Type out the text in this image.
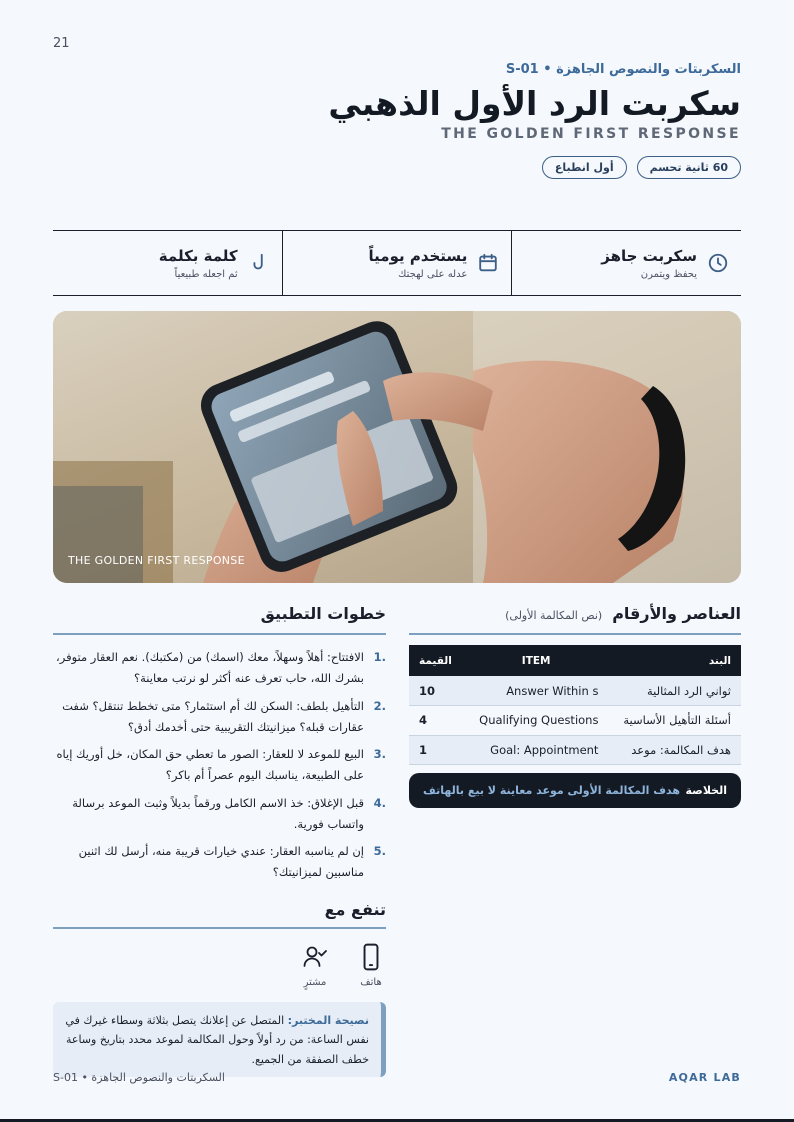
21
السكربتات والنصوص الجاهزة • S-01
سكربت الرد الأول الذهبي
THE GOLDEN FIRST RESPONSE
60 ثانية تحسم
أول انطباع
سكربت جاهز
يحفظ ويتمرن
يستخدم يومياً
عدله على لهجتك
كلمة بكلمة
ثم اجعله طبيعياً
THE GOLDEN FIRST RESPONSE
العناصر والأرقام
(نص المكالمة الأولى)
البند	ITEM	القيمة
ثواني الرد المثالية	Answer Within s	10
أسئلة التأهيل الأساسية	Qualifying Questions	4
هدف المكالمة: موعد	Goal: Appointment	1
الخلاصة
هدف المكالمة الأولى موعد معاينة لا بيع بالهاتف
خطوات التطبيق
1.
الافتتاح: أهلاً وسهلاً، معك (اسمك) من (مكتبك). نعم العقار متوفر، بشرك الله، حاب تعرف عنه أكثر لو نرتب معاينة؟
2.
التأهيل بلطف: السكن لك أم استثمار؟ متى تخطط تنتقل؟ شفت عقارات قبله؟ ميزانيتك التقريبية حتى أخدمك أدق؟
3.
البيع للموعد لا للعقار: الصور ما تعطي حق المكان، خل أوريك إياه على الطبيعة، يناسبك اليوم عصراً أم باكر؟
4.
قبل الإغلاق: خذ الاسم الكامل ورقماً بديلاً وثبت الموعد برسالة واتساب فورية.
5.
إن لم يناسبه العقار: عندي خيارات قريبة منه، أرسل لك اثنين مناسبين لميزانيتك؟
تنفع مع
هاتف
مشترٍ
نصيحة المختبر: المتصل عن إعلانك يتصل بثلاثة وسطاء غيرك في نفس الساعة: من رد أولاً وحول المكالمة لموعد محدد بتاريخ وساعة خطف الصفقة من الجميع.
السكربتات والنصوص الجاهزة • S-01	AQAR LAB
